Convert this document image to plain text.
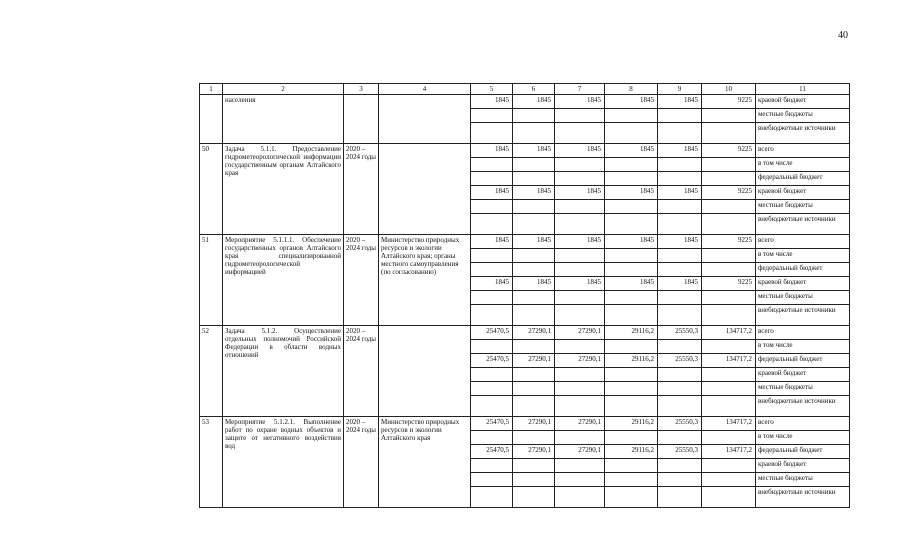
40
1	2	3	4	5	6	7	8	9	10	11
	населения			1845	1845	1845	1845	1845	9225	краевой бюджет
										местные бюджеты
										внебюджетные источники
50	Задача 5.1.1. Предоставление гидрометеорологической информации государственным органам Алтайского края	2020 – 2024 годы		1845	1845	1845	1845	1845	9225	всего
										в том числе
										федеральный бюджет
				1845	1845	1845	1845	1845	9225	краевой бюджет
										местные бюджеты
										внебюджетные источники
51	Мероприятие 5.1.1.1. Обеспечение государственных органов Алтайского края специализированной гидрометеорологической информацией	2020 – 2024 годы	Министерство природных ресурсов и экологии Алтайского края; органы местного самоуправления (по согласованию)	1845	1845	1845	1845	1845	9225	всего
										в том числе
										федеральный бюджет
				1845	1845	1845	1845	1845	9225	краевой бюджет
										местные бюджеты
										внебюджетные источники
52	Задача 5.1.2. Осуществление отдельных полномочий Российской Федерации в области водных отношений	2020 – 2024 годы		25470,5	27290,1	27290,1	29116,2	25550,3	134717,2	всего
										в том числе
				25470,5	27290,1	27290,1	29116,2	25550,3	134717,2	федеральный бюджет
										краевой бюджет
										местные бюджеты
										внебюджетные источники
53	Мероприятие 5.1.2.1. Выполнение работ по охране водных объектов и защите от негативного воздействия вод	2020 – 2024 годы	Министерство природных ресурсов и экологии Алтайского края	25470,5	27290,1	27290,1	29116,2	25550,3	134717,2	всего
										в том числе
				25470,5	27290,1	27290,1	29116,2	25550,3	134717,2	федеральный бюджет
										краевой бюджет
										местные бюджеты
										внебюджетные источники
